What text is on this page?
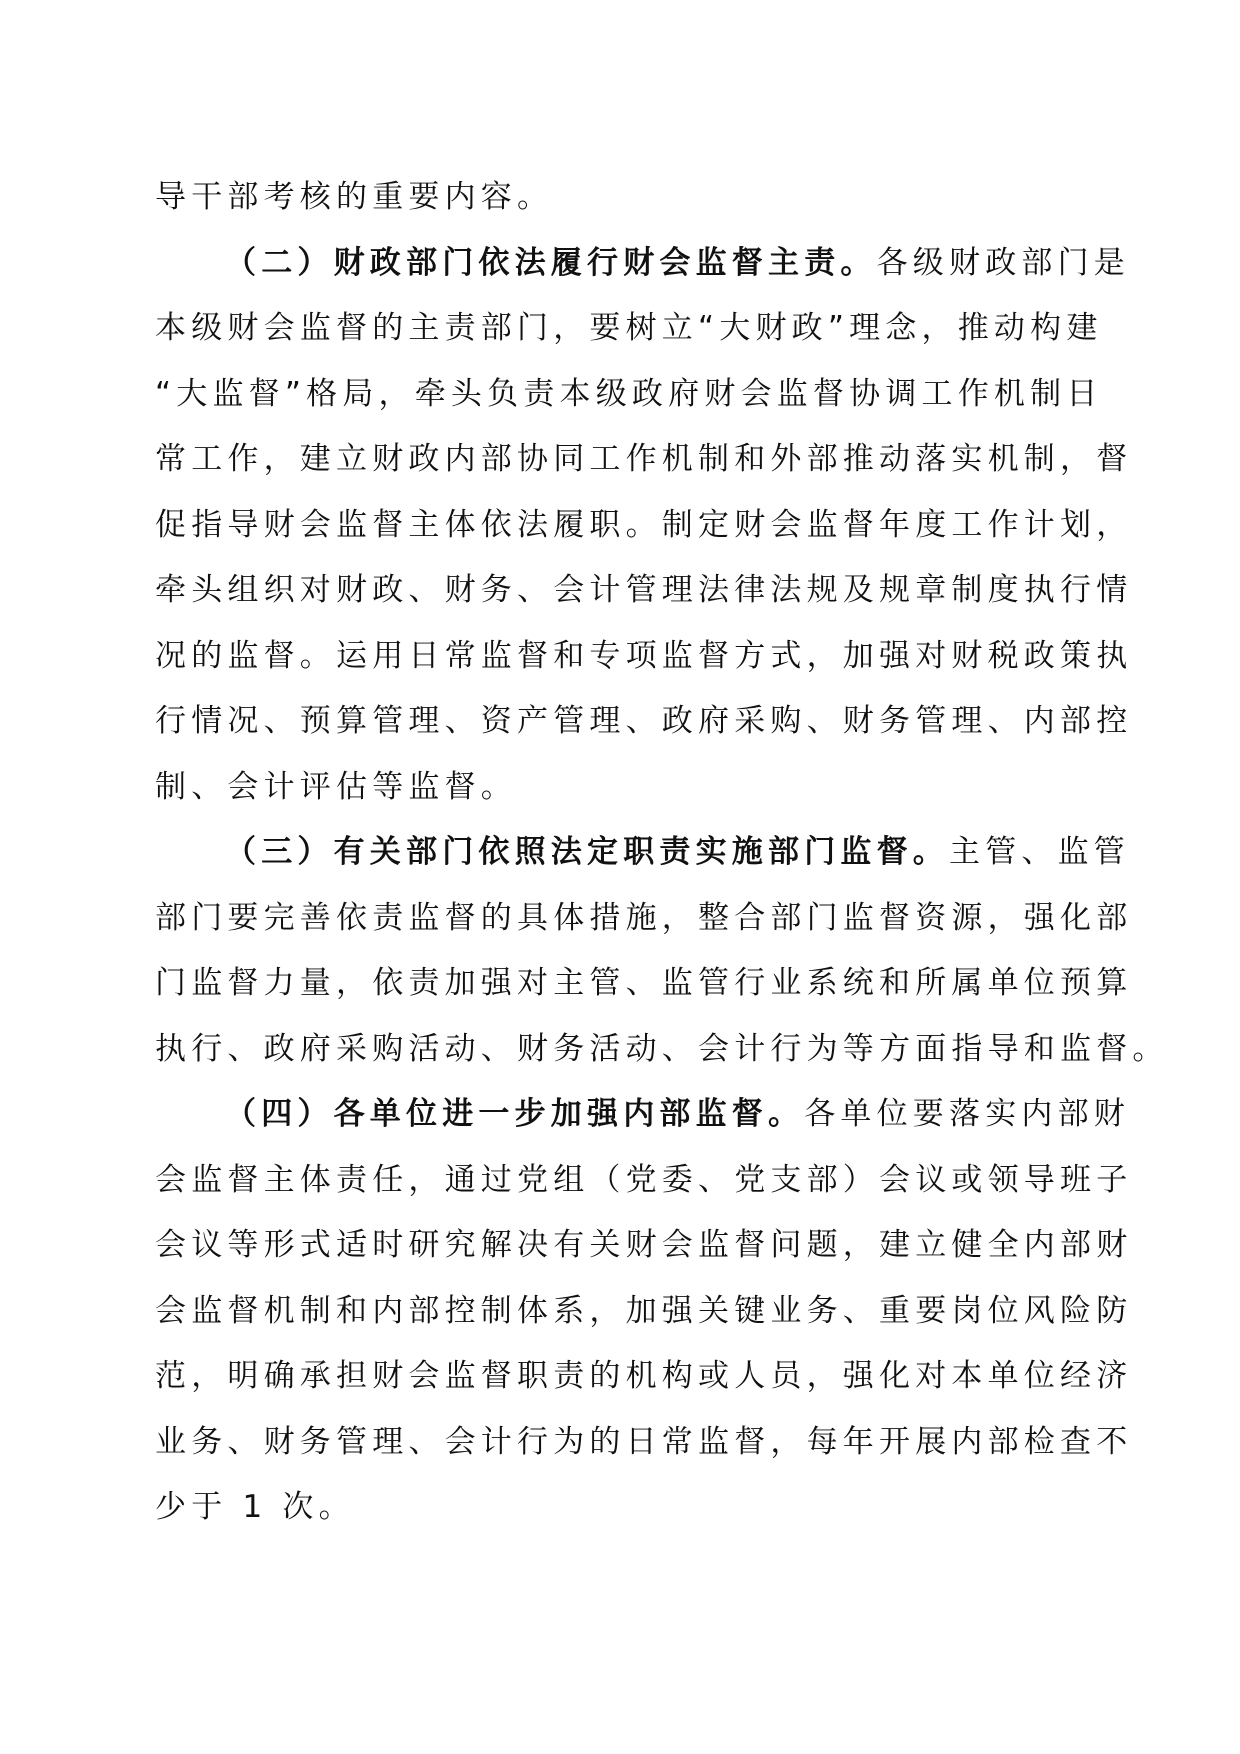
导干部考核的重要内容。
（二）财政部门依法履行财会监督主责。各级财政部门是
本级财会监督的主责部门，要树立“大财政”理念，推动构建
“大监督”格局，牵头负责本级政府财会监督协调工作机制日
常工作，建立财政内部协同工作机制和外部推动落实机制，督
促指导财会监督主体依法履职。制定财会监督年度工作计划，
牵头组织对财政、财务、会计管理法律法规及规章制度执行情
况的监督。运用日常监督和专项监督方式，加强对财税政策执
行情况、预算管理、资产管理、政府采购、财务管理、内部控
制、会计评估等监督。
（三）有关部门依照法定职责实施部门监督。主管、监管
部门要完善依责监督的具体措施，整合部门监督资源，强化部
门监督力量，依责加强对主管、监管行业系统和所属单位预算
执行、政府采购活动、财务活动、会计行为等方面指导和监督。
（四）各单位进一步加强内部监督。各单位要落实内部财
会监督主体责任，通过党组（党委、党支部）会议或领导班子
会议等形式适时研究解决有关财会监督问题，建立健全内部财
会监督机制和内部控制体系，加强关键业务、重要岗位风险防
范，明确承担财会监督职责的机构或人员，强化对本单位经济
业务、财务管理、会计行为的日常监督，每年开展内部检查不
少于 1 次。
